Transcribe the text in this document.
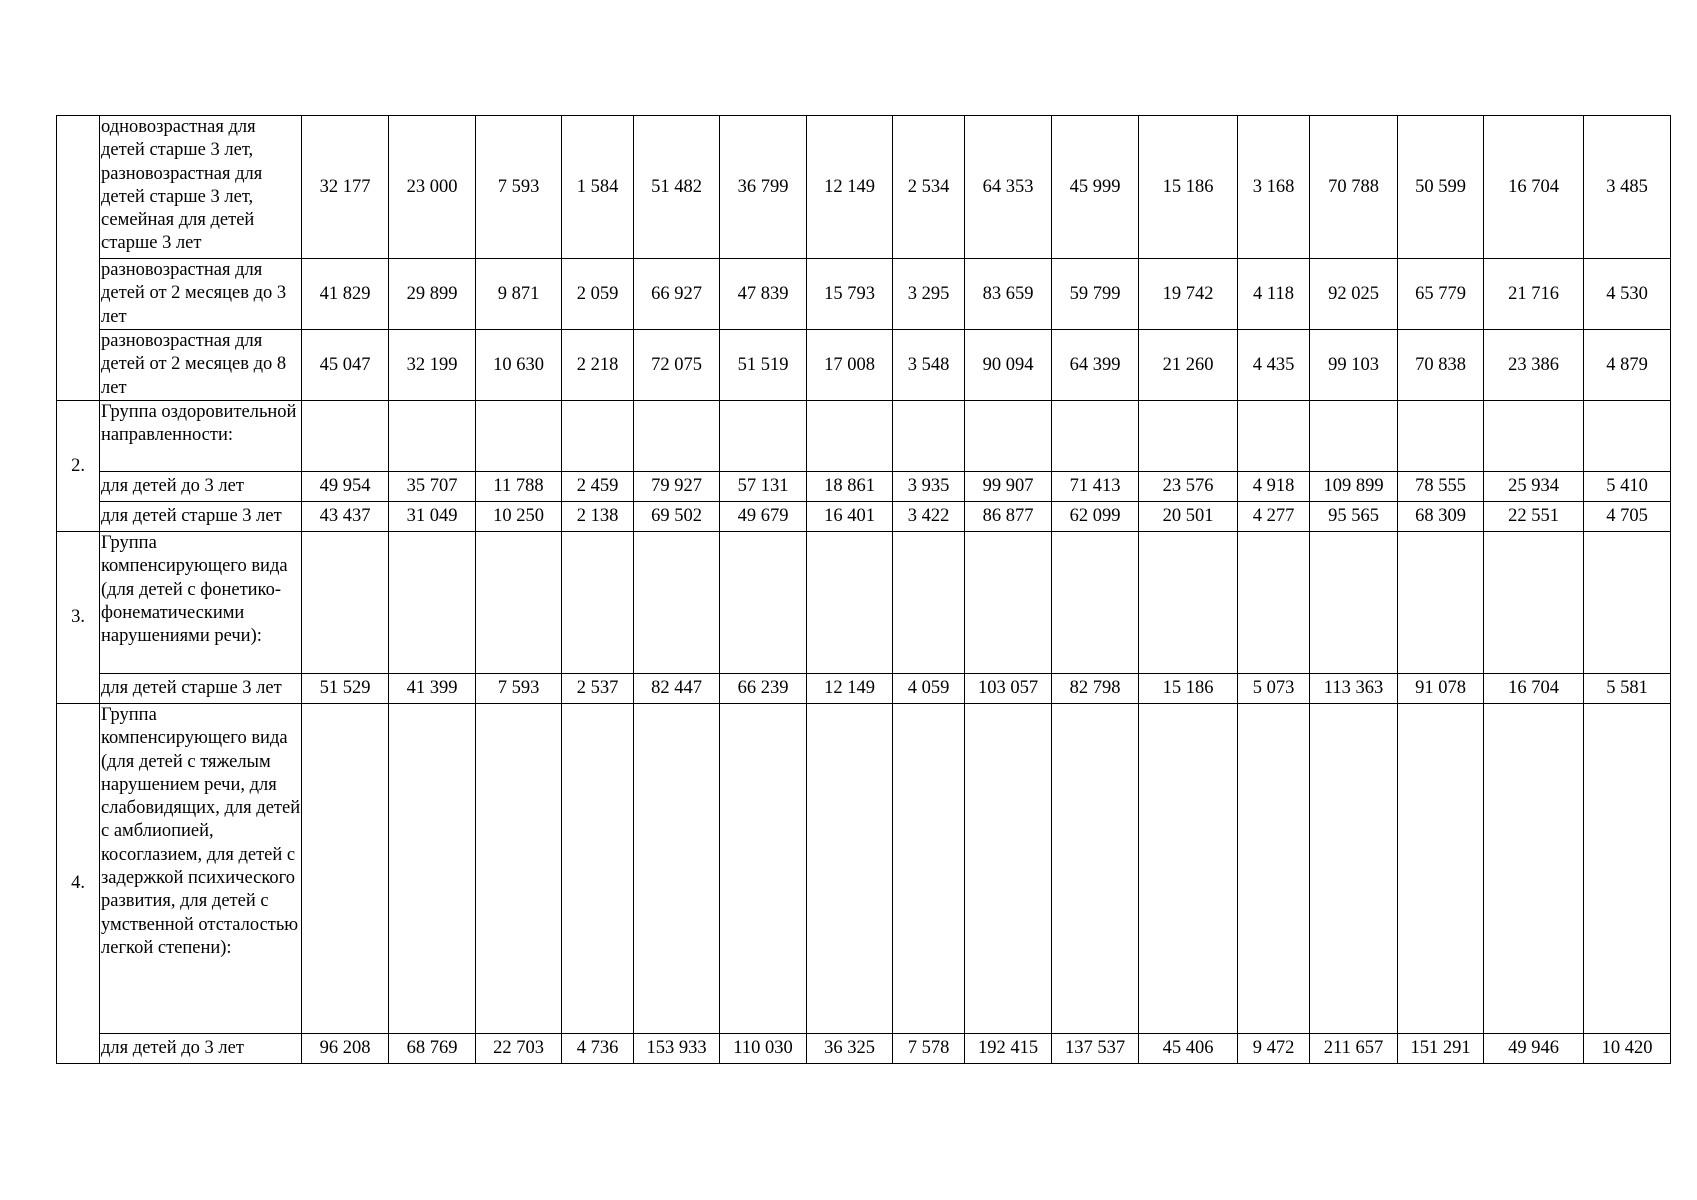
	одновозрастная для детей старше 3 лет, разновозрастная для детей старше 3 лет, семейная для детей старше 3 лет	32 177	23 000	7 593	1 584	51 482	36 799	12 149	2 534	64 353	45 999	15 186	3 168	70 788	50 599	16 704	3 485
	разновозрастная для детей от 2 месяцев до 3 лет	41 829	29 899	9 871	2 059	66 927	47 839	15 793	3 295	83 659	59 799	19 742	4 118	92 025	65 779	21 716	4 530
	разновозрастная для детей от 2 месяцев до 8 лет	45 047	32 199	10 630	2 218	72 075	51 519	17 008	3 548	90 094	64 399	21 260	4 435	99 103	70 838	23 386	4 879
2.	Группа оздоровительной направленности:																
	для детей до 3 лет	49 954	35 707	11 788	2 459	79 927	57 131	18 861	3 935	99 907	71 413	23 576	4 918	109 899	78 555	25 934	5 410
	для детей старше 3 лет	43 437	31 049	10 250	2 138	69 502	49 679	16 401	3 422	86 877	62 099	20 501	4 277	95 565	68 309	22 551	4 705
3.	Группа компенсирующего вида (для детей с фонетико-фонематическими нарушениями речи):																
	для детей старше 3 лет	51 529	41 399	7 593	2 537	82 447	66 239	12 149	4 059	103 057	82 798	15 186	5 073	113 363	91 078	16 704	5 581
4.	Группа компенсирующего вида (для детей с тяжелым нарушением речи, для слабовидящих, для детей с амблиопией, косоглазием, для детей с задержкой психического развития, для детей с умственной отсталостью легкой степени):																
	для детей до 3 лет	96 208	68 769	22 703	4 736	153 933	110 030	36 325	7 578	192 415	137 537	45 406	9 472	211 657	151 291	49 946	10 420
